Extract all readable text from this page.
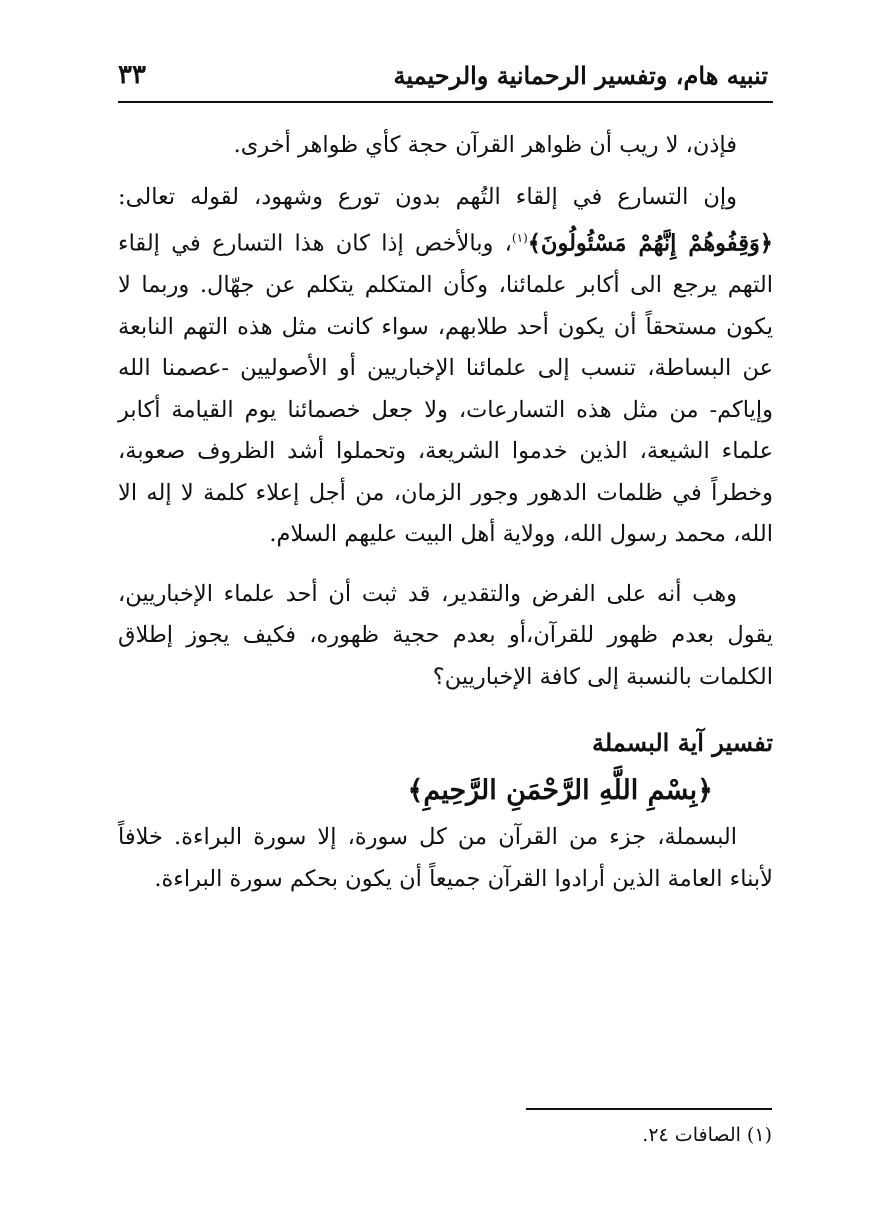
تنبيه هام، وتفسير الرحمانية والرحيمية
٣٣

فإذن، لا ريب أن ظواهر القرآن حجة كأي ظواهر أخرى.

وإن التسارع في إلقاء التُهم بدون تورع وشهود، لقوله تعالى: ﴿وَقِفُوهُمْ إِنَّهُمْ مَسْئُولُونَ﴾$^{(١)}$، وبالأخص إذا كان هذا التسارع في إلقاء التهم يرجع الى أكابر علمائنا، وكأن المتكلم يتكلم عن جهّال. وربما لا يكون مستحقاً أن يكون أحد طلابهم، سواء كانت مثل هذه التهم النابعة عن البساطة، تنسب إلى علمائنا الإخباريين أو الأصوليين -عصمنا الله وإياكم- من مثل هذه التسارعات، ولا جعل خصمائنا يوم القيامة أكابر علماء الشيعة، الذين خدموا الشريعة، وتحملوا أشد الظروف صعوبة، وخطراً في ظلمات الدهور وجور الزمان، من أجل إعلاء كلمة لا إله الا الله، محمد رسول الله، وولاية أهل البيت عليهم السلام.

وهب أنه على الفرض والتقدير، قد ثبت أن أحد علماء الإخباريين، يقول بعدم ظهور للقرآن،أو بعدم حجية ظهوره، فكيف يجوز إطلاق الكلمات بالنسبة إلى كافة الإخباريين؟

تفسير آية البسملة

﴿بِسْمِ اللَّهِ الرَّحْمَنِ الرَّحِيمِ﴾

البسملة، جزء من القرآن من كل سورة، إلا سورة البراءة. خلافاً لأبناء العامة الذين أرادوا القرآن جميعاً أن يكون بحكم سورة البراءة.

(١) الصافات ٢٤.
